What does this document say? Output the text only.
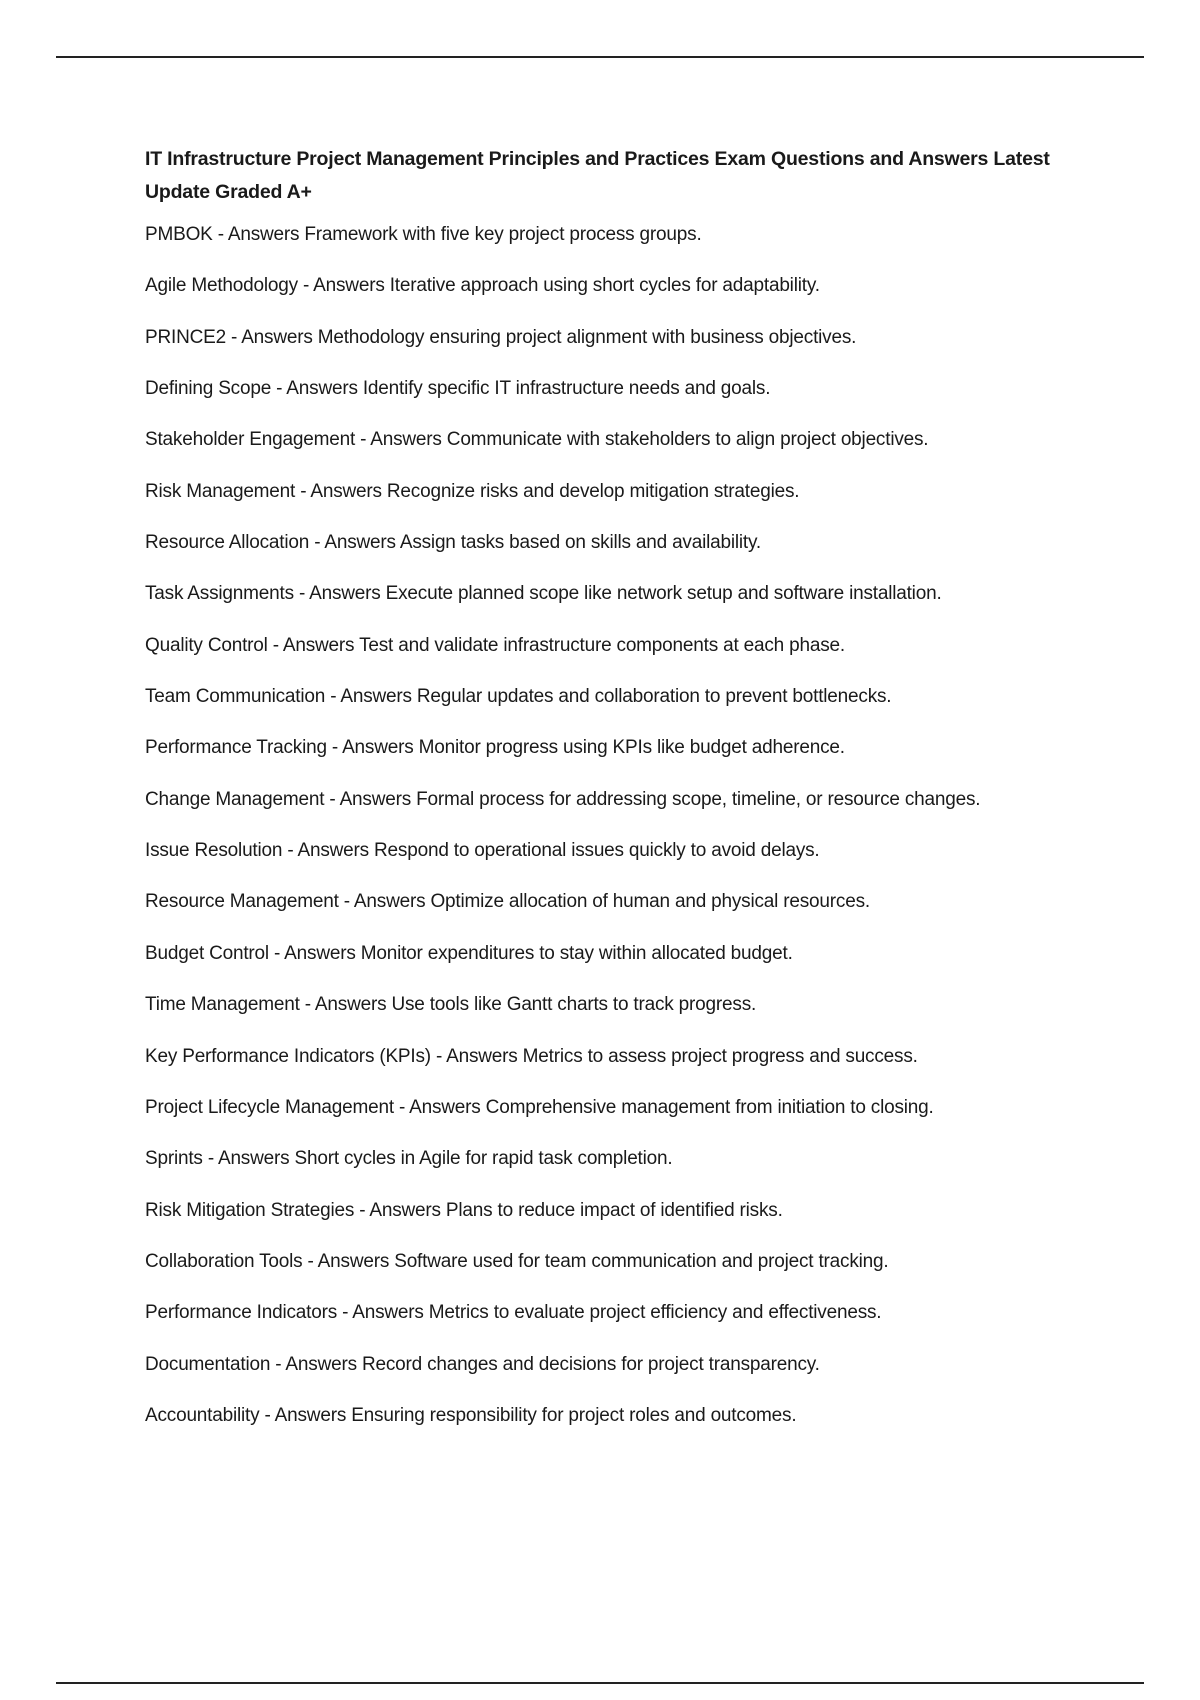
IT Infrastructure Project Management Principles and Practices Exam Questions and Answers Latest Update Graded A+
PMBOK - Answers Framework with five key project process groups.
Agile Methodology - Answers Iterative approach using short cycles for adaptability.
PRINCE2 - Answers Methodology ensuring project alignment with business objectives.
Defining Scope - Answers Identify specific IT infrastructure needs and goals.
Stakeholder Engagement - Answers Communicate with stakeholders to align project objectives.
Risk Management - Answers Recognize risks and develop mitigation strategies.
Resource Allocation - Answers Assign tasks based on skills and availability.
Task Assignments - Answers Execute planned scope like network setup and software installation.
Quality Control - Answers Test and validate infrastructure components at each phase.
Team Communication - Answers Regular updates and collaboration to prevent bottlenecks.
Performance Tracking - Answers Monitor progress using KPIs like budget adherence.
Change Management - Answers Formal process for addressing scope, timeline, or resource changes.
Issue Resolution - Answers Respond to operational issues quickly to avoid delays.
Resource Management - Answers Optimize allocation of human and physical resources.
Budget Control - Answers Monitor expenditures to stay within allocated budget.
Time Management - Answers Use tools like Gantt charts to track progress.
Key Performance Indicators (KPIs) - Answers Metrics to assess project progress and success.
Project Lifecycle Management - Answers Comprehensive management from initiation to closing.
Sprints - Answers Short cycles in Agile for rapid task completion.
Risk Mitigation Strategies - Answers Plans to reduce impact of identified risks.
Collaboration Tools - Answers Software used for team communication and project tracking.
Performance Indicators - Answers Metrics to evaluate project efficiency and effectiveness.
Documentation - Answers Record changes and decisions for project transparency.
Accountability - Answers Ensuring responsibility for project roles and outcomes.
